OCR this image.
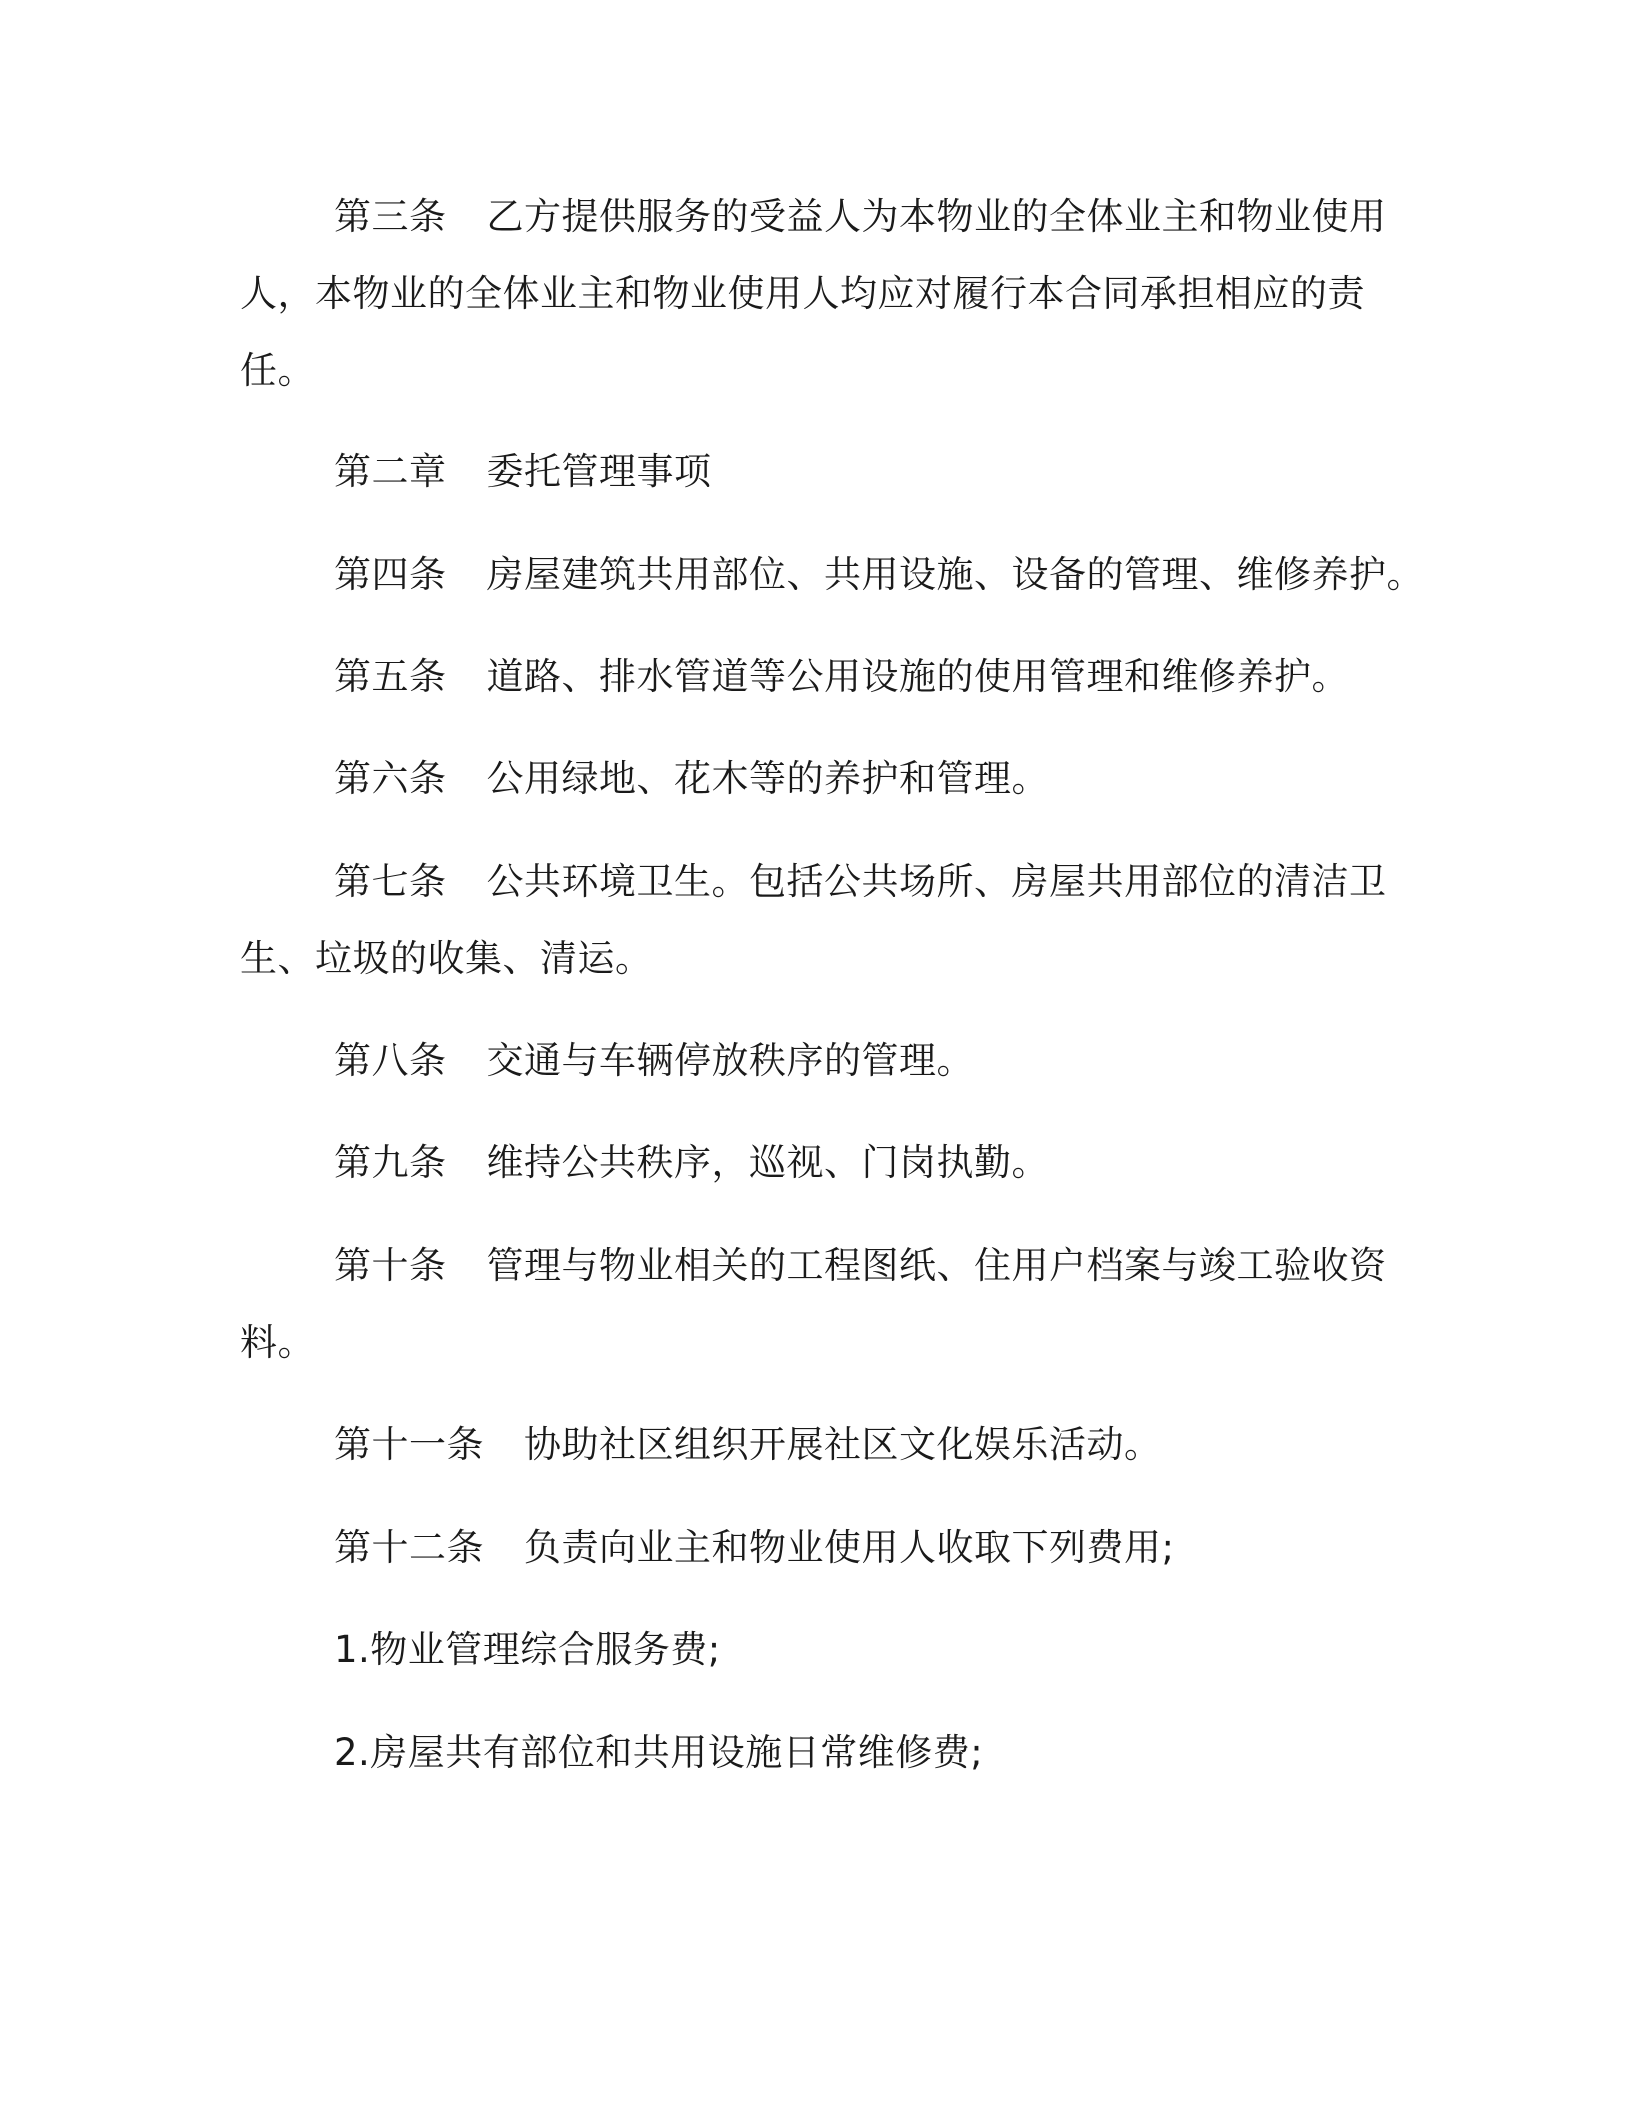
第三条 乙方提供服务的受益人为本物业的全体业主和物业使用
人，本物业的全体业主和物业使用人均应对履行本合同承担相应的责
任。
第二章 委托管理事项
第四条 房屋建筑共用部位、共用设施、设备的管理、维修养护。
第五条 道路、排水管道等公用设施的使用管理和维修养护。
第六条 公用绿地、花木等的养护和管理。
第七条 公共环境卫生。包括公共场所、房屋共用部位的清洁卫
生、垃圾的收集、清运。
第八条 交通与车辆停放秩序的管理。
第九条 维持公共秩序，巡视、门岗执勤。
第十条 管理与物业相关的工程图纸、住用户档案与竣工验收资
料。
第十一条 协助社区组织开展社区文化娱乐活动。
第十二条 负责向业主和物业使用人收取下列费用;
1.物业管理综合服务费;
2.房屋共有部位和共用设施日常维修费;
